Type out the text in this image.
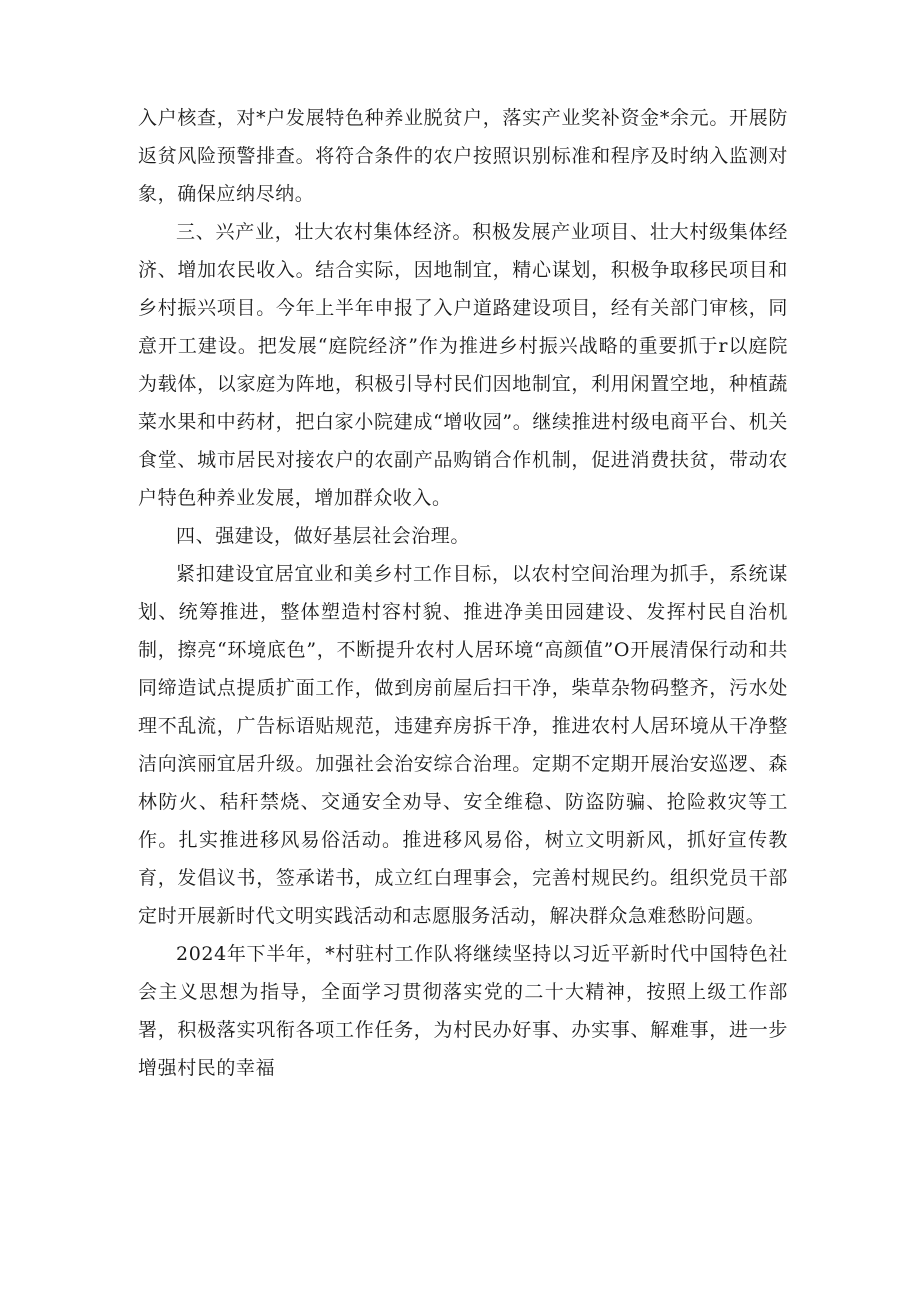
入户核查，对*户发展特色种养业脱贫户，落实产业奖补资金*余元。开展防返贫风险预警排查。将符合条件的农户按照识别标准和程序及时纳入监测对象，确保应纳尽纳。

三、兴产业，壮大农村集体经济。积极发展产业项目、壮大村级集体经济、增加农民收入。结合实际，因地制宜，精心谋划，积极争取移民项目和乡村振兴项目。今年上半年申报了入户道路建设项目，经有关部门审核，同意开工建设。把发展“庭院经济”作为推进乡村振兴战略的重要抓于r以庭院为载体，以家庭为阵地，积极引导村民们因地制宜，利用闲置空地，种植蔬菜水果和中药材，把白家小院建成“增收园”。继续推进村级电商平台、机关食堂、城市居民对接农户的农副产品购销合作机制，促进消费扶贫，带动农户特色种养业发展，增加群众收入。

四、强建设，做好基层社会治理。

紧扣建设宜居宜业和美乡村工作目标，以农村空间治理为抓手，系统谋划、统筹推进，整体塑造村容村貌、推进净美田园建设、发挥村民自治机制，擦亮“环境底色”，不断提升农村人居环境“高颜值”O开展清保行动和共同缔造试点提质扩面工作，做到房前屋后扫干净，柴草杂物码整齐，污水处理不乱流，广告标语贴规范，违建弃房拆干净，推进农村人居环境从干净整洁向滨丽宜居升级。加强社会治安综合治理。定期不定期开展治安巡逻、森林防火、秸秆禁烧、交通安全劝导、安全维稳、防盗防骗、抢险救灾等工作。扎实推进移风易俗活动。推进移风易俗，树立文明新风，抓好宣传教育，发倡议书，签承诺书，成立红白理事会，完善村规民约。组织党员干部定时开展新时代文明实践活动和志愿服务活动，解决群众急难愁盼问题。

2024年下半年，*村驻村工作队将继续坚持以习近平新时代中国特色社会主义思想为指导，全面学习贯彻落实党的二十大精神，按照上级工作部署，积极落实巩衔各项工作任务，为村民办好事、办实事、解难事，进一步增强村民的幸福
